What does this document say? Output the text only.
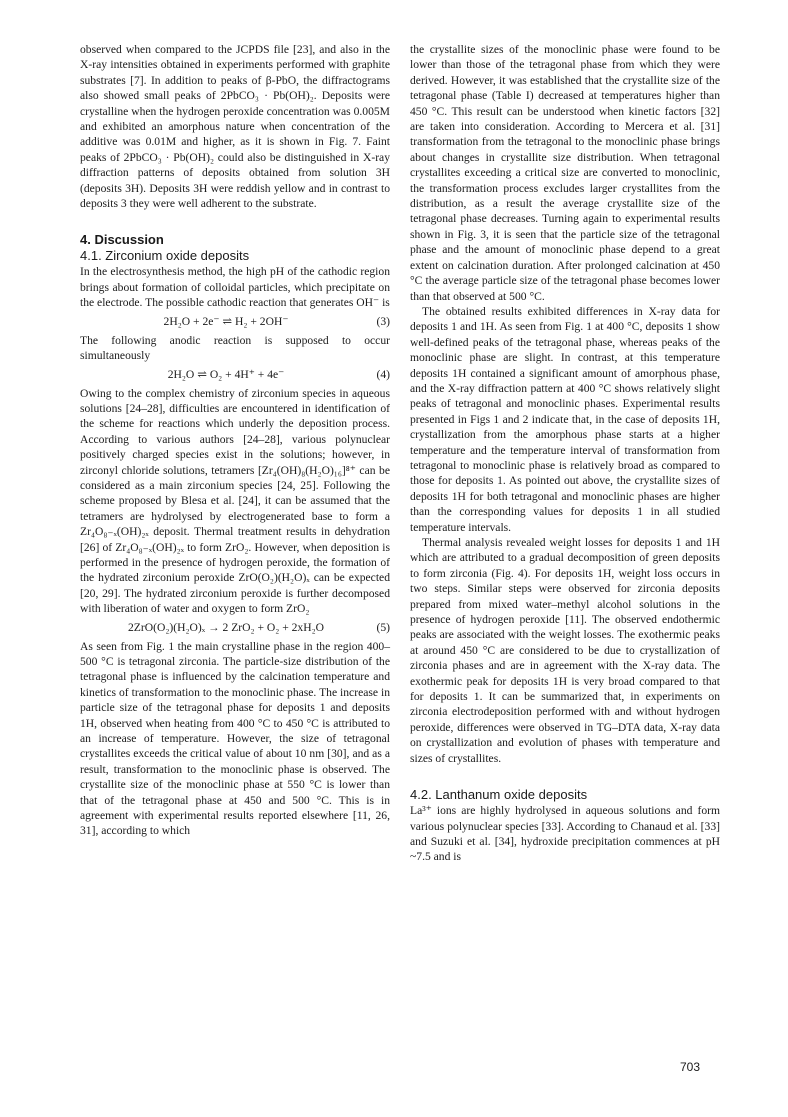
observed when compared to the JCPDS file [23], and also in the X-ray intensities obtained in experiments performed with graphite substrates [7]. In addition to peaks of β-PbO, the diffractograms also showed small peaks of 2PbCO₃ · Pb(OH)₂. Deposits were crystalline when the hydrogen peroxide concentration was 0.005M and exhibited an amorphous nature when concentration of the additive was 0.01M and higher, as it is shown in Fig. 7. Faint peaks of 2PbCO₃ · Pb(OH)₂ could also be distinguished in X-ray diffraction patterns of deposits obtained from solution 3H (deposits 3H). Deposits 3H were reddish yellow and in contrast to deposits 3 they were well adherent to the substrate.

4. Discussion
4.1. Zirconium oxide deposits

In the electrosynthesis method, the high pH of the cathodic region brings about formation of colloidal particles, which precipitate on the electrode. The possible cathodic reaction that generates OH⁻ is

2H₂O + 2e⁻ ⇌ H₂ + 2OH⁻	(3)

The following anodic reaction is supposed to occur simultaneously

2H₂O ⇌ O₂ + 4H⁺ + 4e⁻	(4)

Owing to the complex chemistry of zirconium species in aqueous solutions [24–28], difficulties are encountered in identification of the scheme for reactions which underly the deposition process. According to various authors [24–28], various polynuclear positively charged species exist in the solutions; however, in zirconyl chloride solutions, tetramers [Zr₄(OH)₈(H₂O)₁₆]⁸⁺ can be considered as a main zirconium species [24, 25]. Following the scheme proposed by Blesa et al. [24], it can be assumed that the tetramers are hydrolysed by electrogenerated base to form a Zr₄O₈₋ₓ(OH)₂ₓ deposit. Thermal treatment results in dehydration [26] of Zr₄O₈₋ₓ(OH)₂ₓ to form ZrO₂. However, when deposition is performed in the presence of hydrogen peroxide, the formation of the hydrated zirconium peroxide ZrO(O₂)(H₂O)ₓ can be expected [20, 29]. The hydrated zirconium peroxide is further decomposed with liberation of water and oxygen to form ZrO₂

2ZrO(O₂)(H₂O)ₓ → 2 ZrO₂ + O₂ + 2xH₂O	(5)

As seen from Fig. 1 the main crystalline phase in the region 400–500 °C is tetragonal zirconia. The particle-size distribution of the tetragonal phase is influenced by the calcination temperature and kinetics of transformation to the monoclinic phase. The increase in particle size of the tetragonal phase for deposits 1 and deposits 1H, observed when heating from 400 °C to 450 °C is attributed to an increase of temperature. However, the size of tetragonal crystallites exceeds the critical value of about 10 nm [30], and as a result, transformation to the monoclinic phase is observed. The crystallite size of the monoclinic phase at 550 °C is lower than that of the tetragonal phase at 450 and 500 °C. This is in agreement with experimental results reported elsewhere [11, 26, 31], according to which

the crystallite sizes of the monoclinic phase were found to be lower than those of the tetragonal phase from which they were derived. However, it was established that the crystallite size of the tetragonal phase (Table I) decreased at temperatures higher than 450 °C. This result can be understood when kinetic factors [32] are taken into consideration. According to Mercera et al. [31] transformation from the tetragonal to the monoclinic phase brings about changes in crystallite size distribution. When tetragonal crystallites exceeding a critical size are converted to monoclinic, the transformation process excludes larger crystallites from the distribution, as a result the average crystallite size of the tetragonal phase decreases. Turning again to experimental results shown in Fig. 3, it is seen that the particle size of the tetragonal phase and the amount of monoclinic phase depend to a great extent on calcination duration. After prolonged calcination at 450 °C the average particle size of the tetragonal phase becomes lower than that observed at 500 °C.

The obtained results exhibited differences in X-ray data for deposits 1 and 1H. As seen from Fig. 1 at 400 °C, deposits 1 show well-defined peaks of the tetragonal phase, whereas peaks of the monoclinic phase are slight. In contrast, at this temperature deposits 1H contained a significant amount of amorphous phase, and the X-ray diffraction pattern at 400 °C shows relatively slight peaks of tetragonal and monoclinic phases. Experimental results presented in Figs 1 and 2 indicate that, in the case of deposits 1H, crystallization from the amorphous phase starts at a higher temperature and the temperature interval of transformation from tetragonal to monoclinic phase is relatively broad as compared to those for deposits 1. As pointed out above, the crystallite sizes of deposits 1H for both tetragonal and monoclinic phases are higher than the corresponding values for deposits 1 in all studied temperature intervals.

Thermal analysis revealed weight losses for deposits 1 and 1H which are attributed to a gradual decomposition of green deposits to form zirconia (Fig. 4). For deposits 1H, weight loss occurs in two steps. Similar steps were observed for zirconia deposits prepared from mixed water–methyl alcohol solutions in the presence of hydrogen peroxide [11]. The observed endothermic peaks are associated with the weight losses. The exothermic peaks at around 450 °C are considered to be due to crystallization of zirconia phases and are in agreement with the X-ray data. The exothermic peak for deposits 1H is very broad compared to that for deposits 1. It can be summarized that, in experiments on zirconia electrodeposition performed with and without hydrogen peroxide, differences were observed in TG–DTA data, X-ray data on crystallization and evolution of phases with temperature and sizes of crystallites.

4.2. Lanthanum oxide deposits

La³⁺ ions are highly hydrolysed in aqueous solutions and form various polynuclear species [33]. According to Chanaud et al. [33] and Suzuki et al. [34], hydroxide precipitation commences at pH ~7.5 and is

703
